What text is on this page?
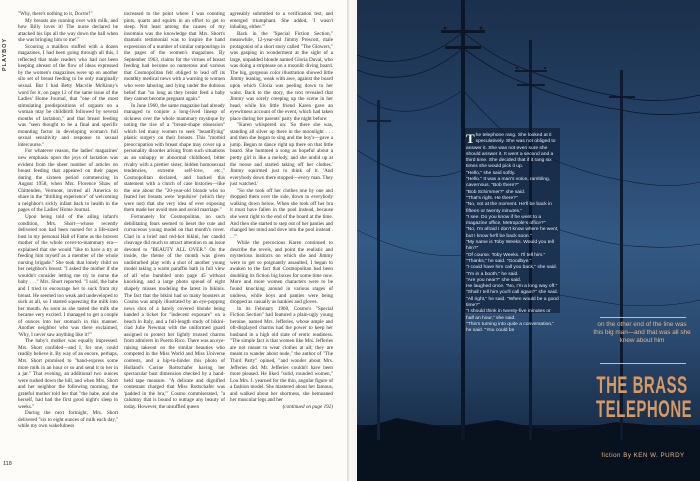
PLAYBOY
118

"Why, there's nothing to it, Doctor!"

My breasts are running over with milk, and how Billy loves it! The nurse declared he attacked his lips all the way down the hall when she was bringing him to me!"

Scouring a mailbox stuffed with a dozen magazines, I had been going through all this, I reflected that male readers who had not been keeping abreast of the flow of ideas expressed by the women's magazines were up on another silo set of breast feeding to be only marginally sexual. But I had Betty Macvile McKinny's word for it, on page 12 of the same issue of the Ladies' Home Journal, that "one of the most stimulating predispositions of orgasm on a woman may be childbirth followed by several months of lactation," and that breast feeding was "seen thought to be a final and specific mounting factor in developing woman's full sexual sensitivity and response to sexual intercourse."

For whatever reason, the ladies' magazines' new emphasis upon the joys of lactation was evident from the sheer number of articles on breast feeding that appeared on their pages during the sixteen period commencing in August 1958, when Mrs. Florence Shaw of Chittenden, Vermont, invited all America to share in the "thrilling experience" of welcoming a neighbor's sickly infant back to health in the pages of the Ladies' Home Journal.

Upon being told of the ailing infant's condition, Mrs. Short—whose recently delivered son had been nursed for a life-sized bust in my personal Hall of Fame as the bravest mother of the whole cover-to-mammary era—explained that she would "like to have a try at feeding him myself as a member of the whole nursing brigade." She took that lonely child on her neighbor's breast. "I asked the mother if she wouldn't consider letting me try to nurse the baby . . ." Mrs. Short reported. "I said, the babe and I tried to encourage her to suck from my breast. He seemed too weak and undeveloped to suck at all, so I started squeezing the milk into her mouth. As soon as she tasted the milk she became very excited. I managed to get a couple of ounces into her stomach in this manner. Another neighbor who was there exclaimed, 'Why, I never saw anything like it!'"

The baby's mother was equally impressed. Mrs. Short confided—and I, for one, could readily believe it. By way of an encore, perhaps, Mrs. Short promised to "hand-express some more milk in an hour or so and send it to her in a jar." That evening, an additional two ounces were rushed down the hill, and when Mrs. Short and her neighbor the following morning, the grateful mother told her that "the babe, and she herself, had had the first good night's sleep in weeks."

During the next fortnight, Mrs. Short delivered "six to eight ounces of milk each day," while my own wakefulness

increased to the point where I was counting pints, quarts and squirts in an effort to get to sleep. Not least among the causes of my insomnia was the knowledge that Mrs. Short's dramatic testimonial was to inspire the hand expression of a number of similar outpourings in the pages of the women's magazines. By September 1963, claims for the virtues of breast feeding had become so numerous and various that Cosmopolitan felt obliged to lead off its monthly medical news with a warning to women who were laboring and lying under the dubious belief that "so long as they breast feed a baby they cannot become pregnant again."

In June 1960, the same magazine had already managed to conjure a long-lived lineup of sickness over the whole mammary mystique by noting the rise of a "breast-shape obsession" which led many women to seek "beautifying" plastic surgery on their breasts. This "morbid preoccupation with breast shape may cover up a personality disorder arising from such situations as an unhappy or abnormal childhood, bitter rivalry with a prettier sister, hidden homosexual tendencies, extreme self-love, etc.," Cosmopolitan declared, and backed this statement with a clutch of case histories—like the one about the "20-year-old blonde who so feared her breasts were 'repulsive' (which they were not) that she very idea of ever exposing them made her avoid men and avoid marriage."

Fortunately for Cosmopolitan, no such debilitating fears seemed to beset the cute and curvaceous young model on that month's cover. Clad in a brief and red-hot bikini, her candid cleavage did much to attract attention to an issue devoted to "BEAUTY ALL OVER." On the inside, the theme of the month was given undisturbed play with a shot of another young model taking a warm paraffin bath in full view of all who bumbled onto page 45 without knocking, and a large photo spread of eight shapely misses modeling the latest in bikinis. The fact that the bikini had so many boosters at Cosmo was amply illustrated by an eye-popping news shot of a barely covered blonde being handed a ticket for "indecent exposure" on a beach in Italy, and a full-length study of bikini-clad Julie Newmar with the uniformed guard assigned to protect her lightly trussed charms from admirers in Puerto Rico. There was an eye-raising takeout on the similar beauties who competed in the Miss World and Miss Universe contests, and a hip-to-hinder this photo of Holland's Corine Rottschafer having her spectacular bust dimension checked by a hand-held tape measure. "A delicate and dignified contestant charged that Miss Rottschafer was 'padded in the bra,'" Cosmo commiserated, "a calumny that is bound to outrage any beauty of today. However, the unruffled queen

agreeably submitted to a verification test, and emerged triumphant. She added, 'I wasn't inhaling, either.'"

Back in the "Special Fiction Section," meanwhile, 12-year-old Jimmy Prescott, male protagonist of a short story called "The Glowers," was gasping in wonderment at the sight of a large, unpadded blonde named Gloria Duval, who was doing a striptease on a moonlit diving board. The big, gorgeous color illustration showed little Jimmy leaning, weak with awe, against the board upon which Gloria was peeling down to her waist. Back to the story, the text revealed that Jimmy was sorely creeping up the scene in her head, while his little friend Karen gave an eyewitness account of the event, which had taken place during her parents' party the night before:

"Karen whispered on: 'So there she was, standing all silver up there in the moonlight . . . and then she began to sing and the boy's—gave a jump. Begun to dance right up there on that little board. She hummed a song as hopeful about a pretty girl is like a melody, and she undid up at the noose and started taking off her clothes.' Jimmy squirmed just to think of it. 'And everybody down there stopped—every man. They just watched.'

"So she took off her clothes one by one and dropped them over the side, down to everybody walking down below. When she took off her bra it must have fallen in the pool instead, because she went right to the end of the board at the time. And then she started to step out of her panties and changed her mind and dove into the pool instead . . .'"

While the precocious Karen continued to describe the revels, and point the realistic and mysterious instincts on which she and Jimmy were to get so poignantly assaulted, I began to awaken to the fact that Cosmopolitan had been doubling its fiction big boxes for some time now. More and more women characters were to be found knocking around in various stages of undress, while boys and panties were being dropped as casually as hankies and gloves.

In its February 1960, Cosmo's "Special Fiction Section" had featured a plain-ugly young heroine, named Mrs. Jefferies, whose ample and oft-displayed charms had the power to keep her husband in a high old state of erotic readiness. "The simple fact is that women like Mrs. Jefferies are not meant to wear clothes at all; they are meant to wander about nude," the author of "The Third Party" opined, "and wonder about Mrs. Jefferies did. Mr. Jefferies couldn't have been more pleased. He liked "solid, rounded women," Lou Mrs. J. yearned for the thin, angular figure of a fashion model. She mastered about her famous, and walked about her shortness, she bemoaned her muscular legs and her

(continued on page 192)

The telephone rang. She looked at it speculatively. She was not obliged to answer it. She was not even sure she should answer it. It went a second and a third time. She decided that if it rang six times she would pick it up.

"Hello," she said softly.

"Hello." It was a man's voice, rambling, cavernous. "Bob there?"

"Bob Schimmer?" she said.

"That's right. He there?"

"No, not at the moment. He'll be back in fifteen or twenty minutes."

"I see. Do you know if he went to a magazine office, Metropole's office?"

"No, I'm afraid I don't know where he went, but I know he'll be back soon."

"My name is Toby Weeks. Would you tell him?"

"Of course. Toby Weeks. I'll tell him."

"Thanks," he said. "Goodbye."

"I could have him call you back," she said.

"I'm in a booth," he said.

"Are you near?" she said.

He laughed once. "No, I'm a long way off."

"Shall I tell him you'll call again?" she said.

"All right," he said. "When would be a good time?"

"I should think in twenty-five minutes or half an hour," she said.

"This's turning into quite a conversation," he said. "You could be

on the other end of the line was this big man—and that was all she knew about him
THE BRASS
TELEPHONE
fiction By KEN W. PURDY
